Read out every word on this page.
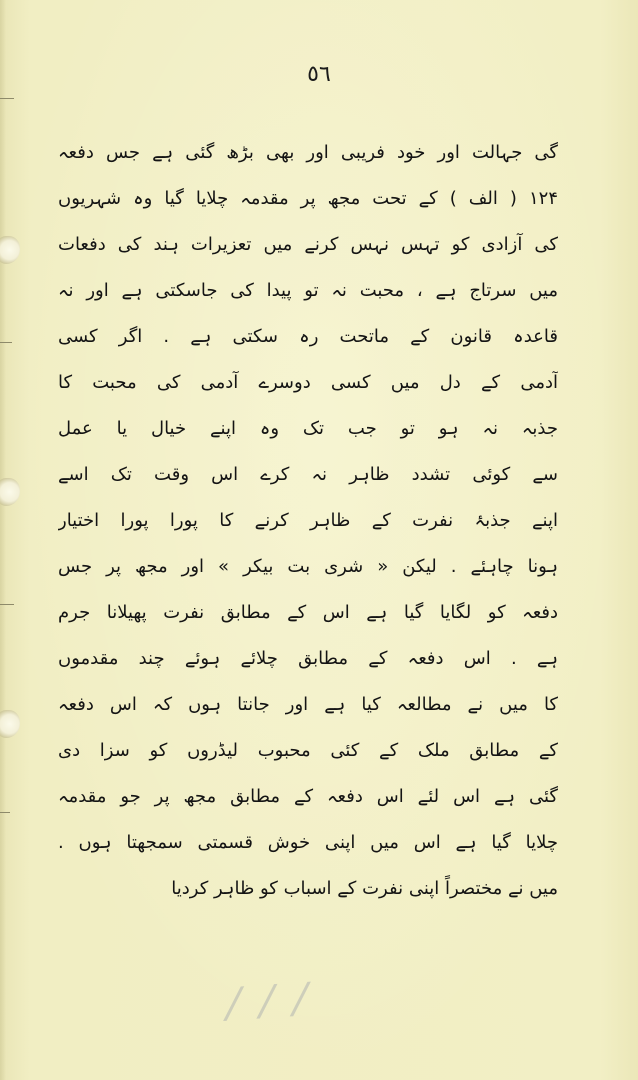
٥٦
گی جہالت اور خود فریبی اور بھی بڑھ گئی ہے جس دفعہ
۱۲۴ ( الف ) کے تحت مجھ پر مقدمہ چلایا گیا وہ شہریوں
کی آزادی کو تہس نہس کرنے میں تعزیرات ہند کی دفعات
میں سرتاج ہے ، محبت نہ تو پیدا کی جاسکتی ہے اور نہ
قاعدہ قانون کے ماتحت رہ سکتی ہے . اگر کسی
آدمی کے دل میں کسی دوسرے آدمی کی محبت کا
جذبہ نہ ہو تو جب تک وہ اپنے خیال یا عمل
سے کوئی تشدد ظاہر نہ کرے اس وقت تک اسے
اپنے جذبۂ نفرت کے ظاہر کرنے کا پورا پورا اختیار
ہونا چاہئے . لیکن « شری بت بیکر » اور مجھ پر جس
دفعہ کو لگایا گیا ہے اس کے مطابق نفرت پھیلانا جرم
ہے . اس دفعہ کے مطابق چلائے ہوئے چند مقدموں
کا میں نے مطالعہ کیا ہے اور جانتا ہوں کہ اس دفعہ
کے مطابق ملک کے کئی محبوب لیڈروں کو سزا دی
گئی ہے اس لئے اس دفعہ کے مطابق مجھ پر جو مقدمہ
چلایا گیا ہے اس میں اپنی خوش قسمتی سمجھتا ہوں .
میں نے مختصراً اپنی نفرت کے اسباب کو ظاہر کردیا
⁄ ⁄ ⁄
